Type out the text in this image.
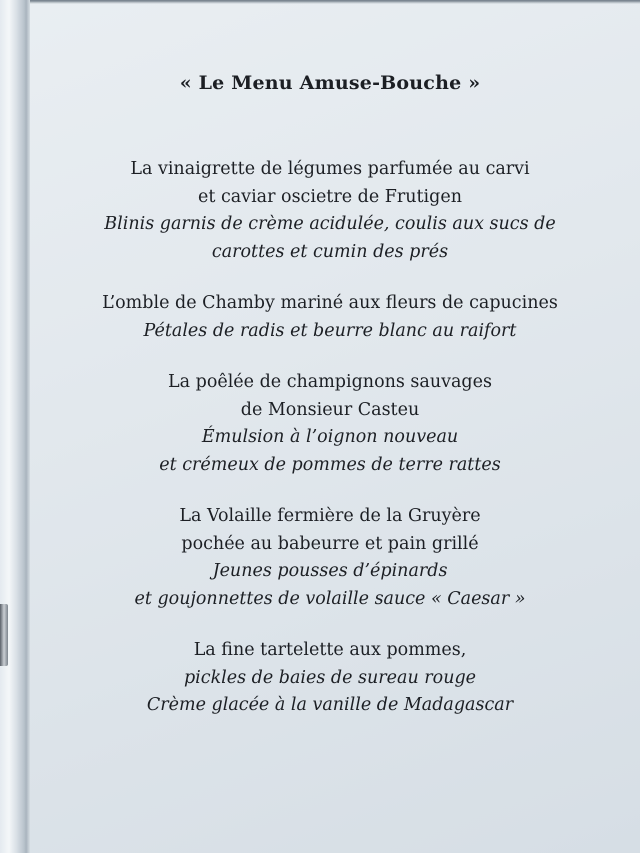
« Le Menu Amuse-Bouche »
La vinaigrette de légumes parfumée au carvi
et caviar oscietre de Frutigen
Blinis garnis de crème acidulée, coulis aux sucs de
carottes et cumin des prés
L’omble de Chamby mariné aux fleurs de capucines
Pétales de radis et beurre blanc au raifort
La poêlée de champignons sauvages
de Monsieur Casteu
Émulsion à l’oignon nouveau
et crémeux de pommes de terre rattes
La Volaille fermière de la Gruyère
pochée au babeurre et pain grillé
Jeunes pousses d’épinards
et goujonnettes de volaille sauce « Caesar »
La fine tartelette aux pommes,
pickles de baies de sureau rouge
Crème glacée à la vanille de Madagascar
